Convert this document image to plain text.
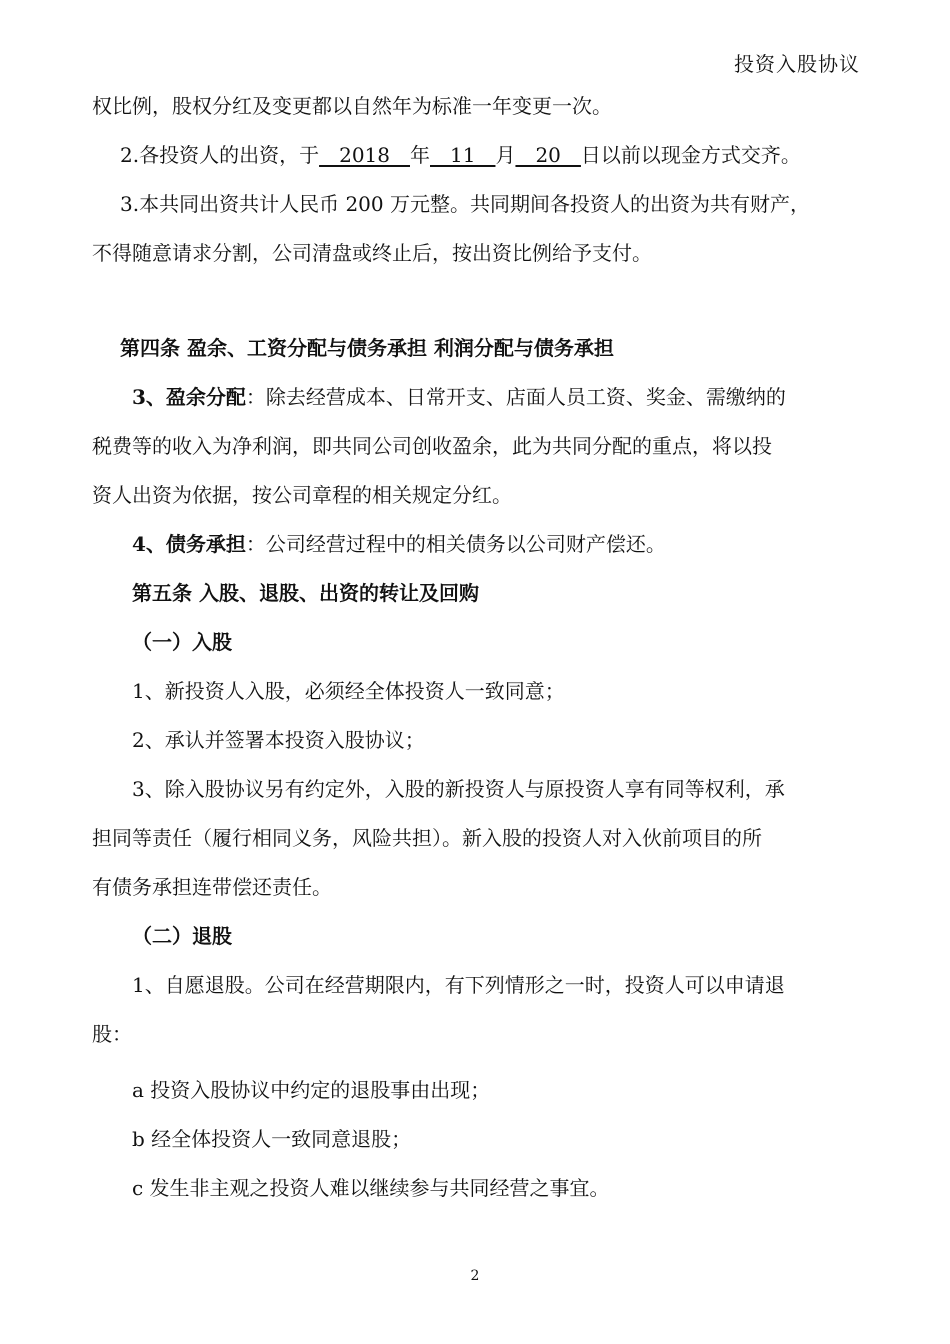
投资入股协议

权比例，股权分红及变更都以自然年为标准一年变更一次。

2.各投资人的出资，于__2018__年__11__月__20__日以前以现金方式交齐。

3.本共同出资共计人民币 200 万元整。共同期间各投资人的出资为共有财产，

不得随意请求分割，公司清盘或终止后，按出资比例给予支付。

第四条 盈余、工资分配与债务承担 利润分配与债务承担

3、盈余分配：除去经营成本、日常开支、店面人员工资、奖金、需缴纳的

税费等的收入为净利润，即共同公司创收盈余，此为共同分配的重点，将以投

资人出资为依据，按公司章程的相关规定分红。

4、债务承担：公司经营过程中的相关债务以公司财产偿还。

第五条 入股、退股、出资的转让及回购

（一）入股

1、新投资人入股，必须经全体投资人一致同意；

2、承认并签署本投资入股协议；

3、除入股协议另有约定外，入股的新投资人与原投资人享有同等权利，承

担同等责任（履行相同义务，风险共担）。新入股的投资人对入伙前项目的所

有债务承担连带偿还责任。

（二）退股

1、自愿退股。公司在经营期限内，有下列情形之一时，投资人可以申请退

股：

a 投资入股协议中约定的退股事由出现；

b 经全体投资人一致同意退股；

c 发生非主观之投资人难以继续参与共同经营之事宜。

2
